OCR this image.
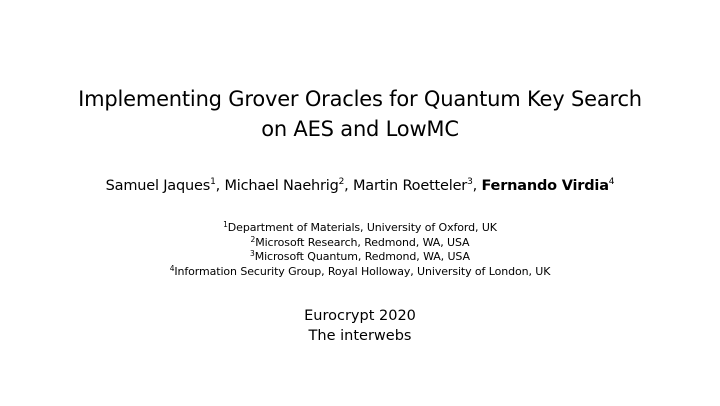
Implementing Grover Oracles for Quantum Key Search
on AES and LowMC
Samuel Jaques$^1$, Michael Naehrig$^2$, Martin Roetteler$^3$, Fernando Virdia$^4$
$^1$Department of Materials, University of Oxford, UK
$^2$Microsoft Research, Redmond, WA, USA
$^3$Microsoft Quantum, Redmond, WA, USA
$^4$Information Security Group, Royal Holloway, University of London, UK
Eurocrypt 2020
The interwebs
